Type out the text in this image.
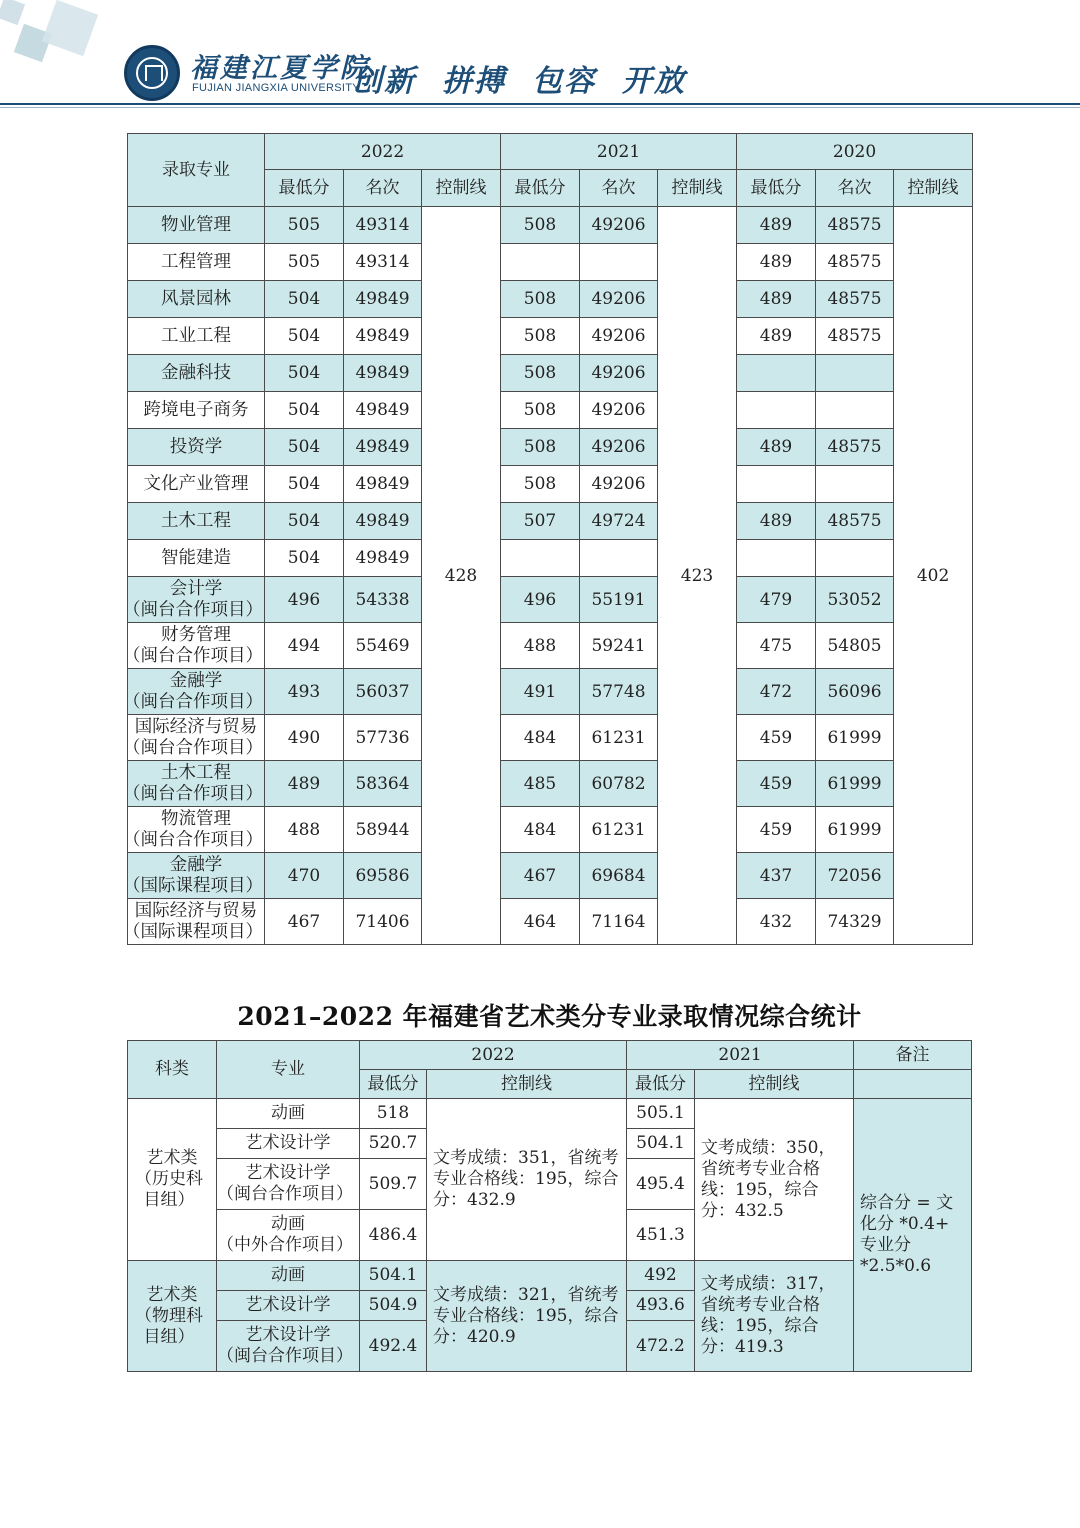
福建江夏学院
FUJIAN JIANGXIA UNIVERSITY
创新 拼搏 包容 开放
录取专业	2022			2021			2020		
	最低分	名次	控制线	最低分	名次	控制线	最低分	名次	控制线

物业管理	505	49314	428	508	49206	423	489	48575	402

工程管理	505	49314					489	48575	

风景园林	504	49849		508	49206		489	48575	

工业工程	504	49849		508	49206		489	48575	

金融科技	504	49849		508	49206				

跨境电子商务	504	49849		508	49206				

投资学	504	49849		508	49206		489	48575	

文化产业管理	504	49849		508	49206				

土木工程	504	49849		507	49724		489	48575	

智能建造	504	49849							

会计学
（闽台合作项目）	496	54338		496	55191		479	53052	

财务管理
（闽台合作项目）	494	55469		488	59241		475	54805	

金融学
（闽台合作项目）	493	56037		491	57748		472	56096	

国际经济与贸易
（闽台合作项目）	490	57736		484	61231		459	61999	

土木工程
（闽台合作项目）	489	58364		485	60782		459	61999	

物流管理
（闽台合作项目）	488	58944		484	61231		459	61999	

金融学
（国际课程项目）	470	69586		467	69684		437	72056	

国际经济与贸易
（国际课程项目）	467	71406		464	71164		432	74329	
2021–2022 年福建省艺术类分专业录取情况综合统计
科类	专业	2022		2021		备注
		最低分	控制线	最低分	控制线	

艺术类
（历史科
目组）	动画	518	文考成绩：351，省统考专业合格线：195，综合分：432.9	505.1	文考成绩：350，省统考专业合格线：195，综合分：432.5	综合分 = 文化分 *0.4+ 专业分 *2.5*0.6

	艺术设计学	520.7		504.1		

	艺术设计学
（闽台合作项目）	509.7		495.4		

	动画
（中外合作项目）	486.4		451.3		

艺术类
（物理科
目组）	动画	504.1	文考成绩：321，省统考专业合格线：195，综合分：420.9	492	文考成绩：317，省统考专业合格线：195，综合分：419.3	

	艺术设计学	504.9		493.6		

	艺术设计学
（闽台合作项目）	492.4		472.2		
